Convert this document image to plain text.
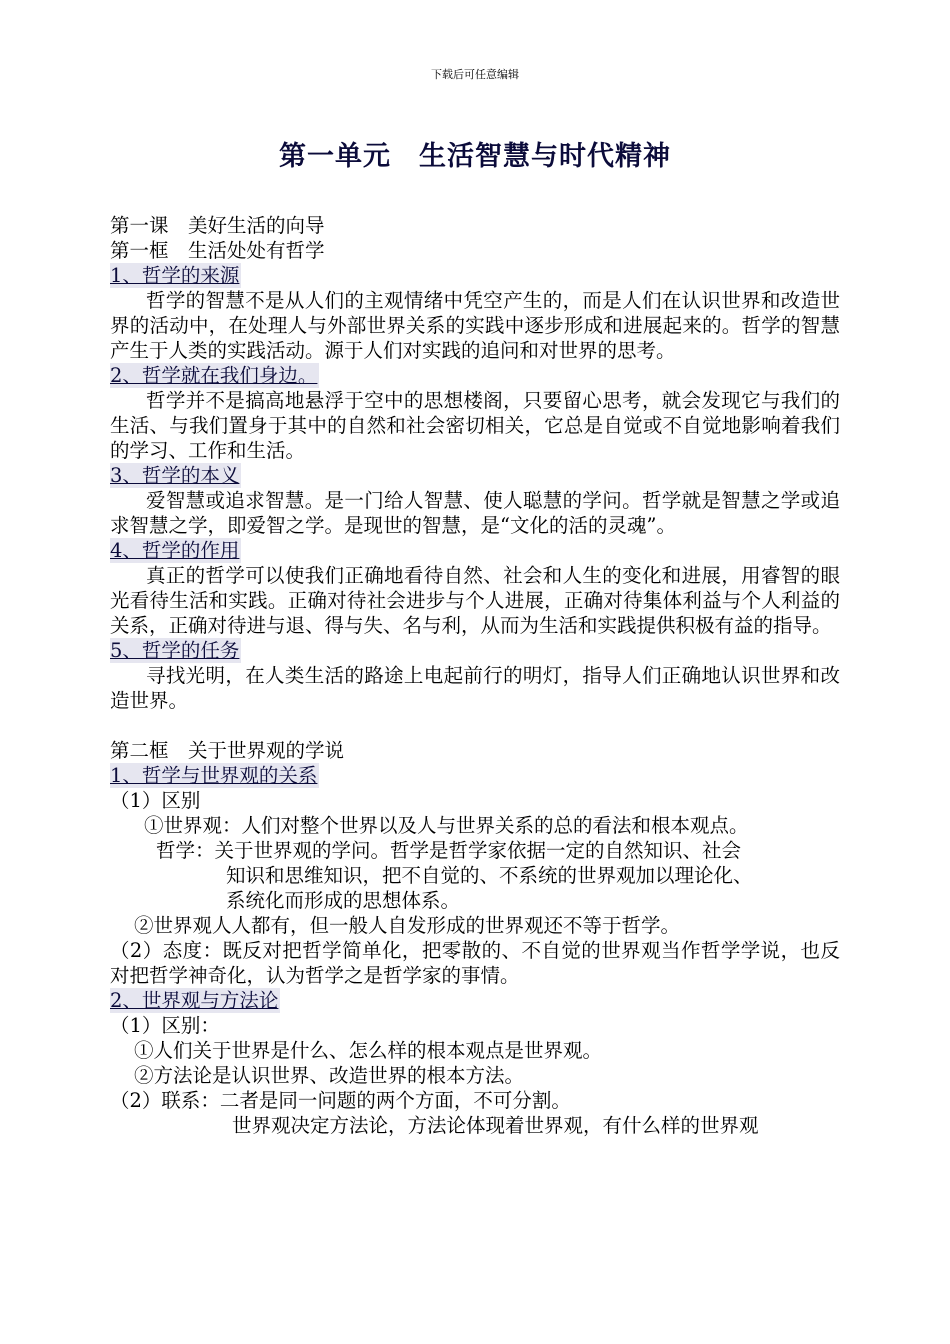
下载后可任意编辑
第一单元　生活智慧与时代精神
第一课　美好生活的向导
第一框　生活处处有哲学
1、哲学的来源
哲学的智慧不是从人们的主观情绪中凭空产生的，而是人们在认识世界和改造世界的活动中，在处理人与外部世界关系的实践中逐步形成和进展起来的。哲学的智慧产生于人类的实践活动。源于人们对实践的追问和对世界的思考。
2、哲学就在我们身边。
哲学并不是搞高地悬浮于空中的思想楼阁，只要留心思考，就会发现它与我们的生活、与我们置身于其中的自然和社会密切相关，它总是自觉或不自觉地影响着我们的学习、工作和生活。
3、哲学的本义
爱智慧或追求智慧。是一门给人智慧、使人聪慧的学问。哲学就是智慧之学或追求智慧之学，即爱智之学。是现世的智慧，是“文化的活的灵魂”。
4、哲学的作用
真正的哲学可以使我们正确地看待自然、社会和人生的变化和进展，用睿智的眼光看待生活和实践。正确对待社会进步与个人进展，正确对待集体利益与个人利益的关系，正确对待进与退、得与失、名与利，从而为生活和实践提供积极有益的指导。
5、哲学的任务
寻找光明，在人类生活的路途上电起前行的明灯，指导人们正确地认识世界和改造世界。
第二框　关于世界观的学说
1、哲学与世界观的关系
（1）区别
①世界观：人们对整个世界以及人与世界关系的总的看法和根本观点。
哲学：关于世界观的学问。哲学是哲学家依据一定的自然知识、社会
知识和思维知识，把不自觉的、不系统的世界观加以理论化、
系统化而形成的思想体系。
②世界观人人都有，但一般人自发形成的世界观还不等于哲学。
（2）态度：既反对把哲学简单化，把零散的、不自觉的世界观当作哲学学说，也反对把哲学神奇化，认为哲学之是哲学家的事情。
2、世界观与方法论
（1）区别：
①人们关于世界是什么、怎么样的根本观点是世界观。
②方法论是认识世界、改造世界的根本方法。
（2）联系：二者是同一问题的两个方面，不可分割。
世界观决定方法论，方法论体现着世界观，有什么样的世界观
